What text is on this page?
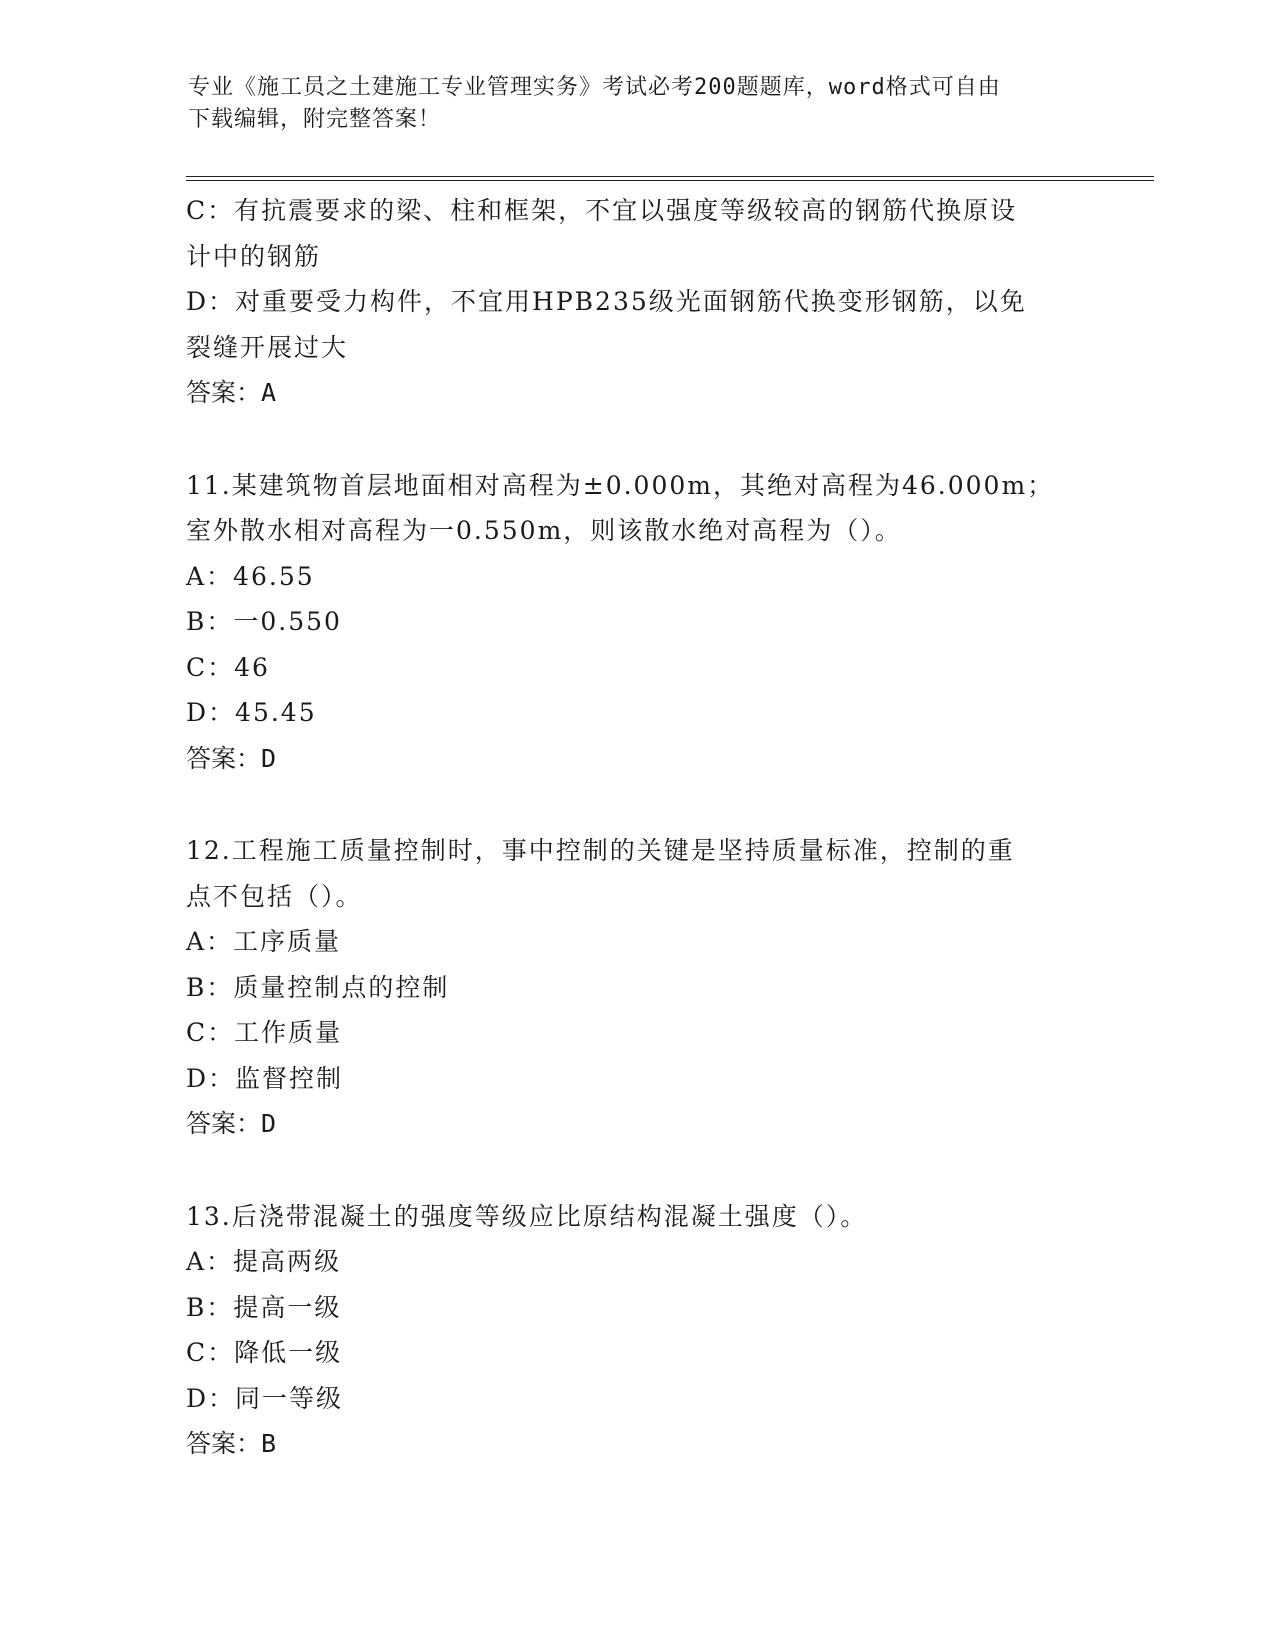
专业《施工员之土建施工专业管理实务》考试必考200题题库，word格式可自由
下载编辑，附完整答案！
C：有抗震要求的梁、柱和框架，不宜以强度等级较高的钢筋代换原设
计中的钢筋
D：对重要受力构件，不宜用HPB235级光面钢筋代换变形钢筋，以免
裂缝开展过大
答案：A
11.某建筑物首层地面相对高程为±0.000m，其绝对高程为46.000m；
室外散水相对高程为一0.550m，则该散水绝对高程为（）。
A：46.55
B：一0.550
C：46
D：45.45
答案：D
12.工程施工质量控制时，事中控制的关键是坚持质量标准，控制的重
点不包括（）。
A：工序质量
B：质量控制点的控制
C：工作质量
D：监督控制
答案：D
13.后浇带混凝土的强度等级应比原结构混凝土强度（）。
A：提高两级
B：提高一级
C：降低一级
D：同一等级
答案：B
